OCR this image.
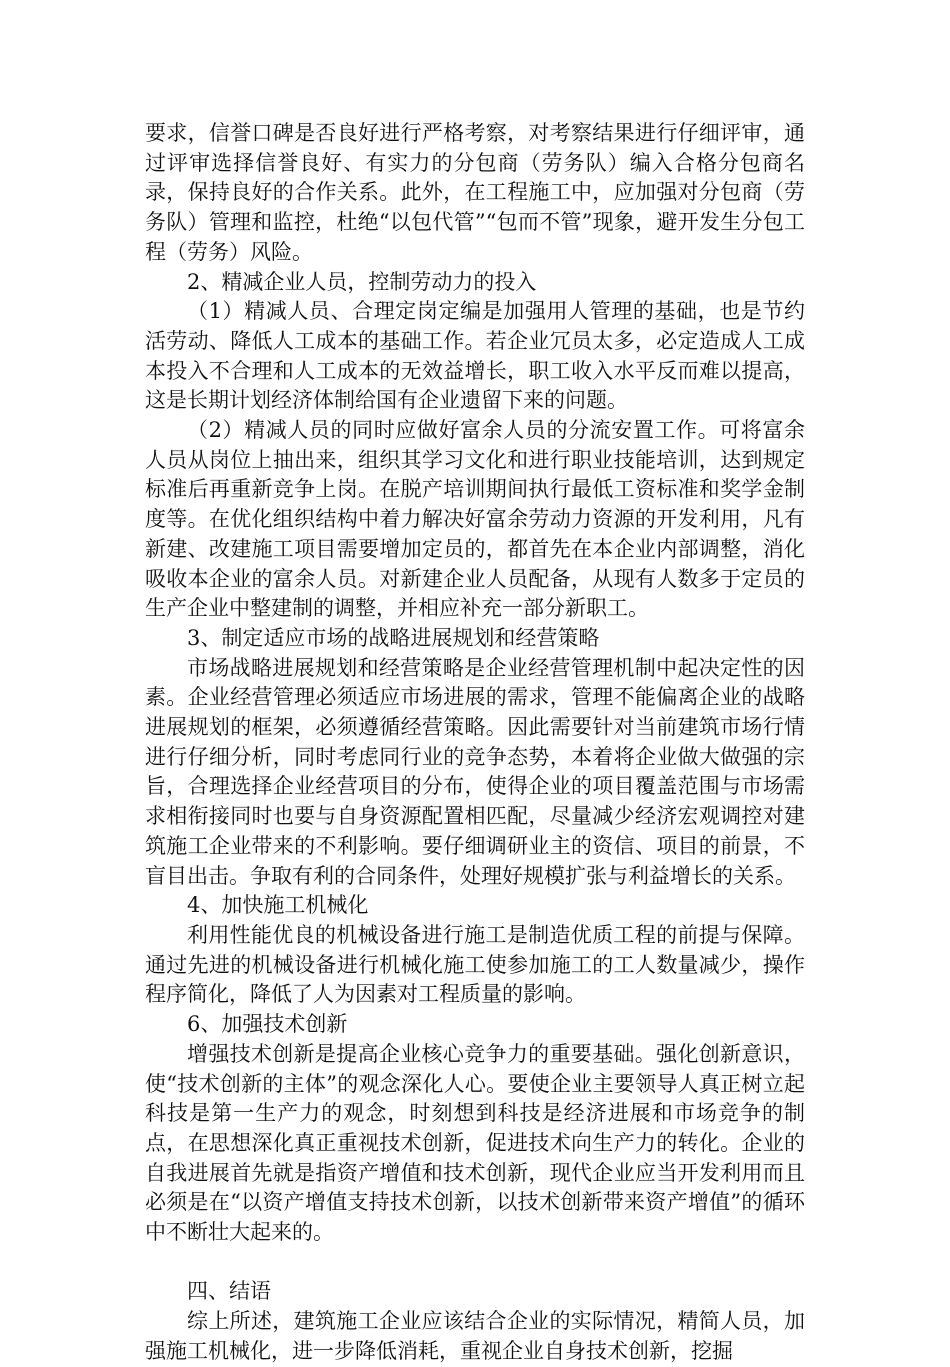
要求，信誉口碑是否良好进行严格考察，对考察结果进行仔细评审，通过评审选择信誉良好、有实力的分包商（劳务队）编入合格分包商名录，保持良好的合作关系。此外，在工程施工中，应加强对分包商（劳务队）管理和监控，杜绝“以包代管”“包而不管”现象，避开发生分包工程（劳务）风险。

2、精减企业人员，控制劳动力的投入

（1）精减人员、合理定岗定编是加强用人管理的基础，也是节约活劳动、降低人工成本的基础工作。若企业冗员太多，必定造成人工成本投入不合理和人工成本的无效益增长，职工收入水平反而难以提高，这是长期计划经济体制给国有企业遗留下来的问题。

（2）精减人员的同时应做好富余人员的分流安置工作。可将富余人员从岗位上抽出来，组织其学习文化和进行职业技能培训，达到规定标准后再重新竞争上岗。在脱产培训期间执行最低工资标准和奖学金制度等。在优化组织结构中着力解决好富余劳动力资源的开发利用，凡有新建、改建施工项目需要增加定员的，都首先在本企业内部调整，消化吸收本企业的富余人员。对新建企业人员配备，从现有人数多于定员的生产企业中整建制的调整，并相应补充一部分新职工。

3、制定适应市场的战略进展规划和经营策略

市场战略进展规划和经营策略是企业经营管理机制中起决定性的因素。企业经营管理必须适应市场进展的需求，管理不能偏离企业的战略进展规划的框架，必须遵循经营策略。因此需要针对当前建筑市场行情进行仔细分析，同时考虑同行业的竞争态势，本着将企业做大做强的宗旨，合理选择企业经营项目的分布，使得企业的项目覆盖范围与市场需求相衔接同时也要与自身资源配置相匹配，尽量减少经济宏观调控对建筑施工企业带来的不利影响。要仔细调研业主的资信、项目的前景，不盲目出击。争取有利的合同条件，处理好规模扩张与利益增长的关系。

4、加快施工机械化

利用性能优良的机械设备进行施工是制造优质工程的前提与保障。通过先进的机械设备进行机械化施工使参加施工的工人数量减少，操作程序简化，降低了人为因素对工程质量的影响。

6、加强技术创新

增强技术创新是提高企业核心竞争力的重要基础。强化创新意识，使“技术创新的主体”的观念深化人心。要使企业主要领导人真正树立起科技是第一生产力的观念，时刻想到科技是经济进展和市场竞争的制点，在思想深化真正重视技术创新，促进技术向生产力的转化。企业的自我进展首先就是指资产增值和技术创新，现代企业应当开发利用而且必须是在“以资产增值支持技术创新，以技术创新带来资产增值”的循环中不断壮大起来的。

四、结语

综上所述，建筑施工企业应该结合企业的实际情况，精简人员，加强施工机械化，进一步降低消耗，重视企业自身技术创新，挖掘
